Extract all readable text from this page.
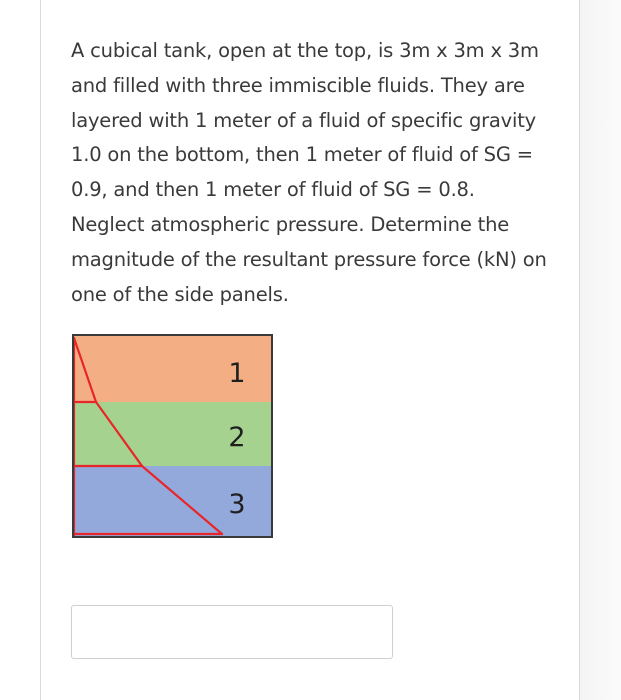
A cubical tank, open at the top, is 3m x 3m x 3m and filled with three immiscible fluids. They are layered with 1 meter of a fluid of specific gravity 1.0 on the bottom, then 1 meter of fluid of SG = 0.9, and then 1 meter of fluid of SG = 0.8. Neglect atmospheric pressure. Determine the magnitude of the resultant pressure force (kN) on one of the side panels.

1
2
3
